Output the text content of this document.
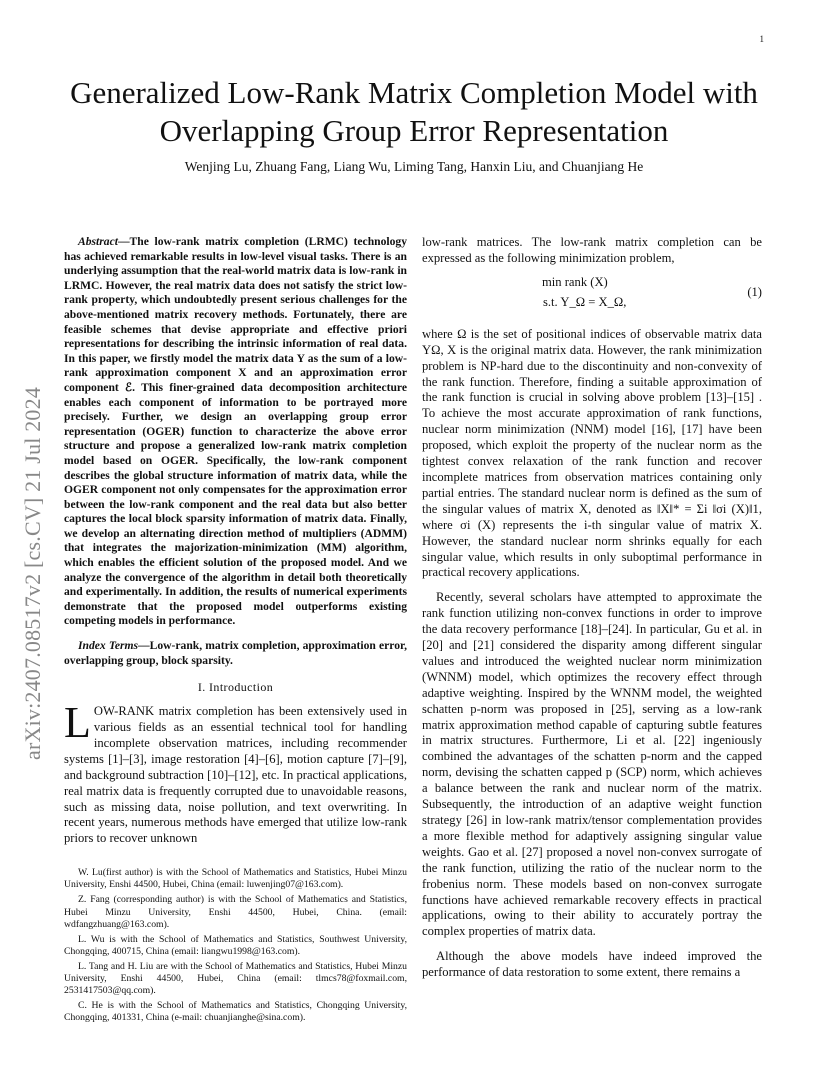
1
arXiv:2407.08517v2 [cs.CV] 21 Jul 2024
Generalized Low-Rank Matrix Completion Model with Overlapping Group Error Representation

Wenjing Lu, Zhuang Fang, Liang Wu, Liming Tang, Hanxin Liu, and Chuanjiang He

Abstract—The low-rank matrix completion (LRMC) technology has achieved remarkable results in low-level visual tasks. There is an underlying assumption that the real-world matrix data is low-rank in LRMC. However, the real matrix data does not satisfy the strict low-rank property, which undoubtedly present serious challenges for the above-mentioned matrix recovery methods. Fortunately, there are feasible schemes that devise appropriate and effective priori representations for describing the intrinsic information of real data. In this paper, we firstly model the matrix data Y as the sum of a low-rank approximation component X and an approximation error component ℰ. This finer-grained data decomposition architecture enables each component of information to be portrayed more precisely. Further, we design an overlapping group error representation (OGER) function to characterize the above error structure and propose a generalized low-rank matrix completion model based on OGER. Specifically, the low-rank component describes the global structure information of matrix data, while the OGER component not only compensates for the approximation error between the low-rank component and the real data but also better captures the local block sparsity information of matrix data. Finally, we develop an alternating direction method of multipliers (ADMM) that integrates the majorization-minimization (MM) algorithm, which enables the efficient solution of the proposed model. And we analyze the convergence of the algorithm in detail both theoretically and experimentally. In addition, the results of numerical experiments demonstrate that the proposed model outperforms existing competing models in performance.

Index Terms—Low-rank, matrix completion, approximation error, overlapping group, block sparsity.

I. Introduction

LOW-RANK matrix completion has been extensively used in various fields as an essential technical tool for handling incomplete observation matrices, including recommender systems [1]–[3], image restoration [4]–[6], motion capture [7]–[9], and background subtraction [10]–[12], etc. In practical applications, real matrix data is frequently corrupted due to unavoidable reasons, such as missing data, noise pollution, and text overwriting. In recent years, numerous methods have emerged that utilize low-rank priors to recover unknown

W. Lu(first author) is with the School of Mathematics and Statistics, Hubei Minzu University, Enshi 44500, Hubei, China (email: luwenjing07@163.com).

Z. Fang (corresponding author) is with the School of Mathematics and Statistics, Hubei Minzu University, Enshi 44500, Hubei, China. (email: wdfangzhuang@163.com).

L. Wu is with the School of Mathematics and Statistics, Southwest University, Chongqing, 400715, China (email: liangwu1998@163.com).

L. Tang and H. Liu are with the School of Mathematics and Statistics, Hubei Minzu University, Enshi 44500, Hubei, China (email: tlmcs78@foxmail.com, 2531417503@qq.com).

C. He is with the School of Mathematics and Statistics, Chongqing University, Chongqing, 401331, China (e-mail: chuanjianghe@sina.com).

low-rank matrices. The low-rank matrix completion can be expressed as the following minimization problem,

min rank (X)
s.t. Y_Ω = X_Ω,
(1)

where Ω is the set of positional indices of observable matrix data YΩ, X is the original matrix data. However, the rank minimization problem is NP-hard due to the discontinuity and non-convexity of the rank function. Therefore, finding a suitable approximation of the rank function is crucial in solving above problem [13]–[15] . To achieve the most accurate approximation of rank functions, nuclear norm minimization (NNM) model [16], [17] have been proposed, which exploit the property of the nuclear norm as the tightest convex relaxation of the rank function and recover incomplete matrices from observation matrices containing only partial entries. The standard nuclear norm is defined as the sum of the singular values of matrix X, denoted as ‖X‖* = Σi ‖σi (X)‖1, where σi (X) represents the i-th singular value of matrix X. However, the standard nuclear norm shrinks equally for each singular value, which results in only suboptimal performance in practical recovery applications.

Recently, several scholars have attempted to approximate the rank function utilizing non-convex functions in order to improve the data recovery performance [18]–[24]. In particular, Gu et al. in [20] and [21] considered the disparity among different singular values and introduced the weighted nuclear norm minimization (WNNM) model, which optimizes the recovery effect through adaptive weighting. Inspired by the WNNM model, the weighted schatten p-norm was proposed in [25], serving as a low-rank matrix approximation method capable of capturing subtle features in matrix structures. Furthermore, Li et al. [22] ingeniously combined the advantages of the schatten p-norm and the capped norm, devising the schatten capped p (SCP) norm, which achieves a balance between the rank and nuclear norm of the matrix. Subsequently, the introduction of an adaptive weight function strategy [26] in low-rank matrix/tensor complementation provides a more flexible method for adaptively assigning singular value weights. Gao et al. [27] proposed a novel non-convex surrogate of the rank function, utilizing the ratio of the nuclear norm to the frobenius norm. These models based on non-convex surrogate functions have achieved remarkable recovery effects in practical applications, owing to their ability to accurately portray the complex properties of matrix data.

Although the above models have indeed improved the performance of data restoration to some extent, there remains a
